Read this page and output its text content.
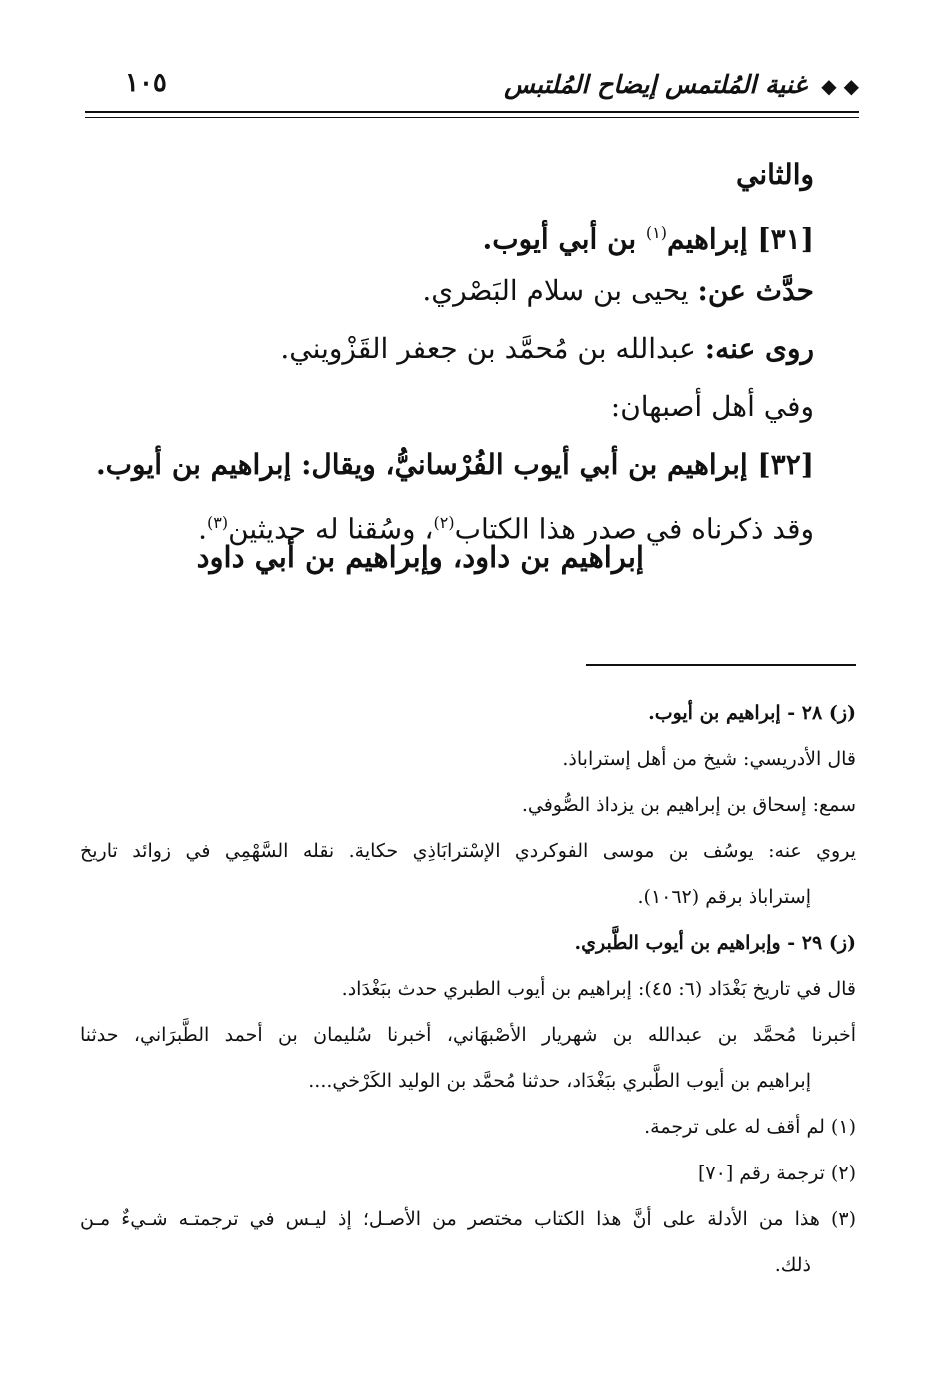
◆ ◆ غنية المُلتمس إيضاح المُلتبس
١٠٥
والثاني
[٣١] إبراهيم$^{(١)}$ بن أبي أيوب.
حدَّث عن: يحيى بن سلام البَصْري.
روى عنه: عبدالله بن مُحمَّد بن جعفر القَزْويني.
وفي أهل أصبهان:
[٣٢] إبراهيم بن أبي أيوب الفُرْسانيُّ، ويقال: إبراهيم بن أيوب.
وقد ذكرناه في صدر هذا الكتاب$^{(٢)}$، وسُقنا له حديثين$^{(٣)}$.
إبراهيم بن داود، وإبراهيم بن أبي داود
(ز) ٢٨ - إبراهيم بن أيوب.
قال الأدريسي: شيخ من أهل إستراباذ.
سمع: إسحاق بن إبراهيم بن يزداذ الصُّوفي.
يروي عنه: يوسُف بن موسى الفوكردي الإسْترابَاذِي حكاية. نقله السَّهْمِي في زوائد تاريخ
إستراباذ برقم (١٠٦٢).
(ز) ٢٩ - وإبراهيم بن أيوب الطَّبري.
قال في تاريخ بَغْدَاد (٦: ٤٥): إبراهيم بن أيوب الطبري حدث ببَغْدَاد.
أخبرنا مُحمَّد بن عبدالله بن شهريار الأصْبهَاني، أخبرنا سُليمان بن أحمد الطَّبرَاني، حدثنا
إبراهيم بن أيوب الطَّبري ببَغْدَاد، حدثنا مُحمَّد بن الوليد الكَرْخي....
(١) لم أقف له على ترجمة.
(٢) ترجمة رقم [٧٠]
(٣) هذا من الأدلة على أنَّ هذا الكتاب مختصر من الأصـل؛ إذ ليـس في ترجمتـه شـيءٌ مـن
ذلك.
